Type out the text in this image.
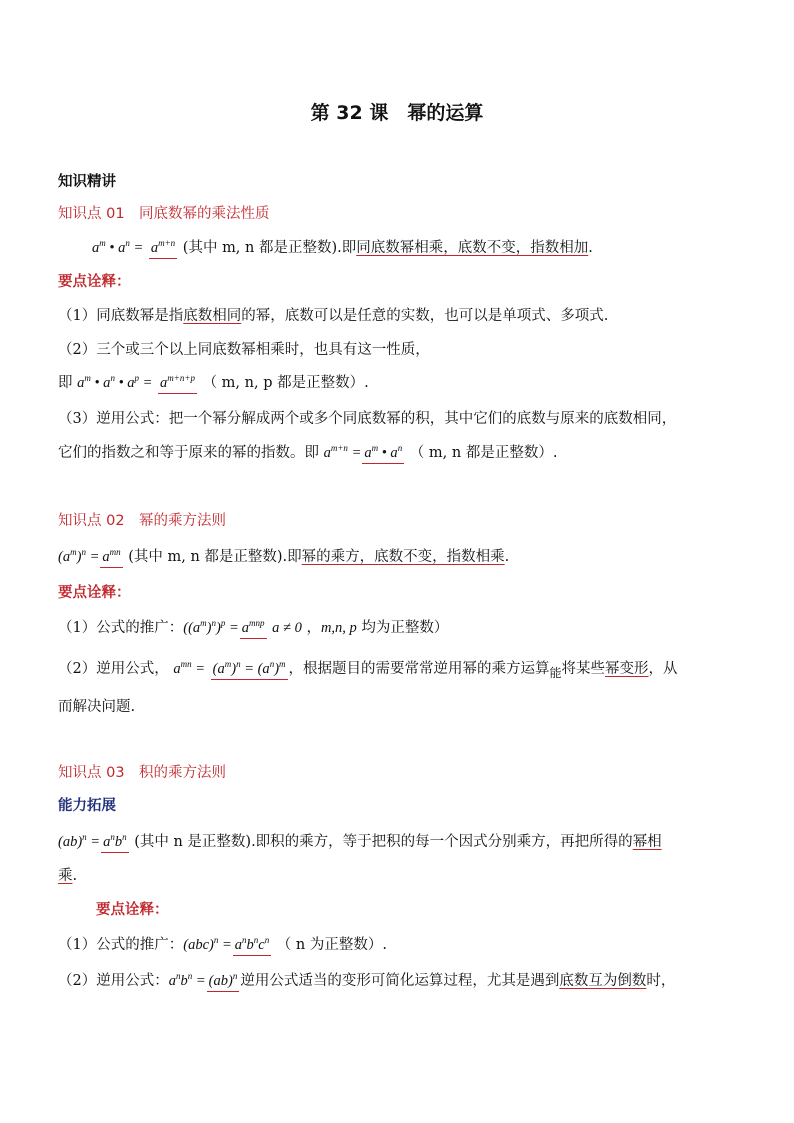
第 32 课　幂的运算
知识精讲
知识点 01　同底数幂的乘法性质
$a^m$ • $a^n = a^{m+n}$ (其中 m, n 都是正整数).即同底数幂相乘，底数不变，指数相加.
要点诠释：
（1）同底数幂是指底数相同的幂，底数可以是任意的实数，也可以是单项式、多项式.
（2）三个或三个以上同底数幂相乘时，也具有这一性质，
即 $a^m$ • $a^n$ • $a^p = a^{m+n+p}$ （ m, n, p 都是正整数）.
（3）逆用公式：把一个幂分解成两个或多个同底数幂的积，其中它们的底数与原来的底数相同，
它们的指数之和等于原来的幂的指数。即 $a^{m+n} = a^m$ • $a^n$ （ m, n 都是正整数）.
知识点 02　幂的乘方法则
$(a^m)^n = a^{mn}$ (其中 m, n 都是正整数).即幂的乘方，底数不变，指数相乘.
要点诠释：
（1）公式的推广：$((a^m)^n)^p = a^{mnp}$ a ≠ 0 ，m,n, p 均为正整数）
（2）逆用公式， $a^{mn} = (a^m)^n = (a^n)^m$ ，根据题目的需要常常逆用幂的乘方运算$_能$将某些幂变形，从
而解决问题.
知识点 03　积的乘方法则
能力拓展
$(ab)^n = a^nb^n$ (其中 n 是正整数).即积的乘方，等于把积的每一个因式分别乘方，再把所得的幂相
乘.
要点诠释：
（1）公式的推广：$(abc)^n = a^nb^nc^n$ （ n 为正整数）.
（2）逆用公式：$a^nb^n = (ab)^n$ 逆用公式适当的变形可简化运算过程，尤其是遇到底数互为倒数时，
